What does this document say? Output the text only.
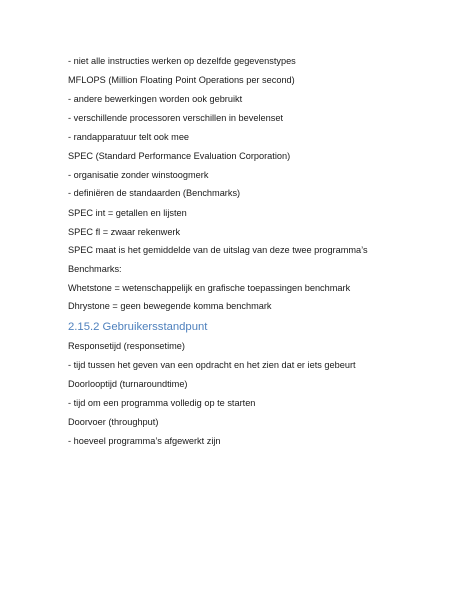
- niet alle instructies werken op dezelfde gegevenstypes
MFLOPS (Million Floating Point Operations per second)
- andere bewerkingen worden ook gebruikt
- verschillende processoren verschillen in bevelenset
- randapparatuur telt ook mee
SPEC (Standard Performance Evaluation Corporation)
- organisatie zonder winstoogmerk
- definiëren de standaarden (Benchmarks)
SPEC int = getallen en lijsten
SPEC fl = zwaar rekenwerk
SPEC maat is het gemiddelde van de uitslag van deze twee programma’s
Benchmarks:
Whetstone = wetenschappelijk en grafische toepassingen benchmark
Dhrystone = geen bewegende komma benchmark
2.15.2 Gebruikersstandpunt
Responsetijd (responsetime)
- tijd tussen het geven van een opdracht en het zien dat er iets gebeurt
Doorlooptijd (turnaroundtime)
- tijd om een programma volledig op te starten
Doorvoer (throughput)
- hoeveel programma’s afgewerkt zijn
